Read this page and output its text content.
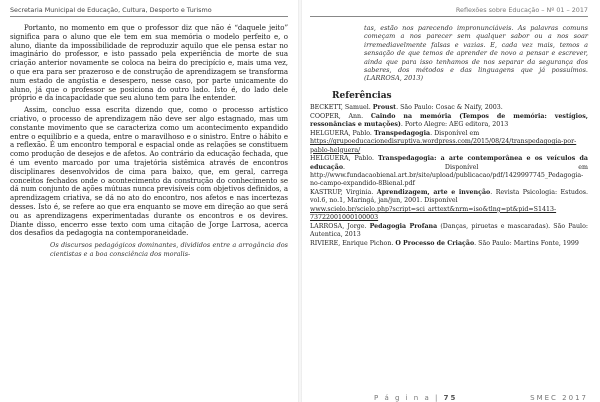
Secretaria Municipal de Educação, Cultura, Desporto e Turismo

Portanto, no momento em que o professor diz que não é “daquele jeito” significa para o aluno que ele tem em sua memória o modelo perfeito e, o aluno, diante da impossibilidade de reproduzir aquilo que ele pensa estar no imaginário do professor, e isto passado pela experiência de morte de sua criação anterior novamente se coloca na beira do precipício e, mais uma vez, o que era para ser prazeroso e de construção de aprendizagem se transforma num estado de angústia e desespero, nesse caso, por parte unicamente do aluno, já que o professor se posiciona do outro lado. Isto é, do lado dele próprio e da incapacidade que seu aluno tem para lhe entender.

Assim, concluo essa escrita dizendo que, como o processo artístico criativo, o processo de aprendizagem não deve ser algo estagnado, mas um constante movimento que se caracteriza como um acontecimento expandido entre o equilíbrio e a queda, entre o maravilhoso e o sinistro. Entre o hábito e a reflexão. É um encontro temporal e espacial onde as relações se constituem como produção de desejos e de afetos. Ao contrário da educação fechada, que é um evento marcado por uma trajetória sistêmica através de encontros disciplinares desenvolvidos de cima para baixo, que, em geral, carrega conceitos fechados onde o acontecimento da construção do conhecimento se dá num conjunto de ações mútuas nunca previsíveis com objetivos definidos, a aprendizagem criativa, se dá no ato do encontro, nos afetos e nas incertezas desses. Isto é, se refere ao que era enquanto se move em direção ao que será ou as aprendizagens experimentadas durante os encontros e os devires. Diante disso, encerro esse texto com uma citação de Jorge Larrosa, acerca dos desafios da pedagogia na contemporaneidade.

Os discursos pedagógicos dominantes, divididos entre a arrogância dos cientistas e a boa consciência dos moralis-
Reflexões sobre Educação – Nº 01 – 2017
tas, estão nos parecendo impronunciáveis. As palavras comuns começam a nos parecer sem qualquer sabor ou a nos soar irremediavelmente falsas e vazias. E, cada vez mais, temos a sensação de que temos de aprender de novo a pensar e escrever, ainda que para isso tenhamos de nos separar da segurança dos saberes, dos métodos e das linguagens que já possuímos. (LARROSA, 2013)
Referências
BECKETT, Samuel. Proust. São Paulo: Cosac & Naify, 2003.
COOPER, Ann. Caindo na memória (Tempos de memória: vestígios, ressonâncias e mutações). Porto Alegre: AEG editora, 2013
HELGUERA, Pablo. Transpedagogia. Disponível em
https://grupoeducacionedisruptiva.wordpress.com/2015/08/24/transpedagogia-por-pablo-helguera/
HELGUERA, Pablo. Transpedagogia: a arte contemporânea e os veículos da educação. Disponível em http://www.fundacaobienal.art.br/site/upload/publicacao/pdf/1429997745_Pedagogia-no-campo-expandido-8Bienal.pdf
KASTRUP, Virginia. Aprendizagem, arte e invenção. Revista Psicologia: Estudos. vol.6, no.1, Maringá, jan/jun, 2001. Disponível
www.scielo.br/scielo.php?script=sci_arttext&nrm=iso&tlng=pt&pid=S1413-73722001000100003
LARROSA, Jorge. Pedagogia Profana (Danças, piruetas e mascaradas). São Paulo: Autentica, 2013
RIVIERE, Enrique Pichon. O Processo de Criação. São Paulo: Martins Fonte, 1999
P á g i n a | 75	SMEC 2017
